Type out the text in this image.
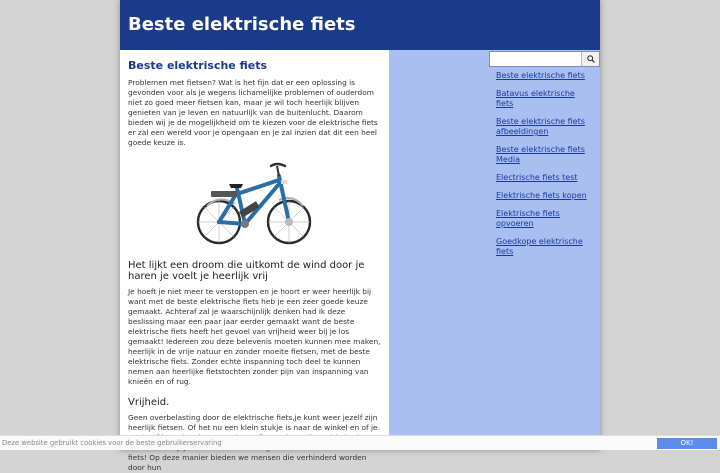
Beste elektrische fiets
Beste elektrische fiets
Problemen met fietsen? Wat is het fijn dat er een oplossing is gevonden voor als je wegens lichamelijke problemen of ouderdom niet zo goed meer fietsen kan, maar je wil toch heerlijk blijven genieten van je leven en natuurlijk van de buitenlucht. Daarom bieden wij je de mogelijkheid om te kiezen voor de elektrische fiets er zal een wereld voor je opengaan en je zal inzien dat dit een heel goede keuze is.
Het lijkt een droom die uitkomt de wind door je haren je voelt je heerlijk vrij
Je hoeft je niet meer te verstoppen en je hoort er weer heerlijk bij want met de beste elektrische fiets heb je een zeer goede keuze gemaakt. Achteraf zal je waarschijnlijk denken had ik deze beslissing maar een paar jaar eerder gemaakt want de beste elektrische fiets heeft het gevoel van vrijheid weer bij je los gemaakt! Iedereen zou deze belevenis moeten kunnen mee maken, heerlijk in de vrije natuur en zonder moeite fietsen, met de beste elektrische fiets. Zonder echte inspanning toch deel te kunnen nemen aan heerlijke fietstochten zonder pijn van inspanning van knieën en of rug.
Vrijheid.
Geen overbelasting door de elektrische fiets,je kunt weer jezelf zijn heerlijk fietsen. Of het nu een klein stukje is naar de winkel en of je fiets! Op deze manier bieden we mensen die verhinderd worden door hun
Beste elektrische fiets
Batavus elektrische fiets
Beste elektrische fiets afbeeldingen
Beste elektrische fiets Media
Electrische fiets test
Elektrische fiets kopen
Elektrische fiets opvoeren
Goedkope elektrische fiets
Deze website gebruikt cookies voor de beste gebruikerservaring	OK!
